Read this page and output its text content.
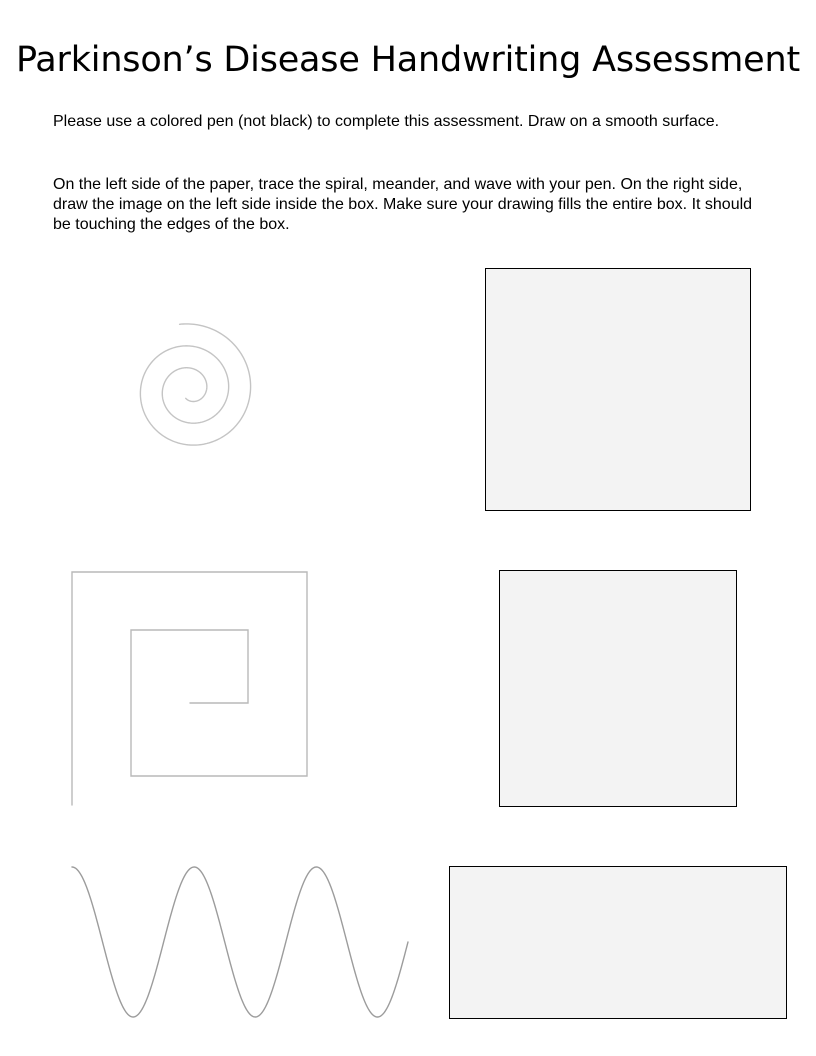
Parkinson’s Disease Handwriting Assessment

Please use a colored pen (not black) to complete this assessment. Draw on a smooth surface.

On the left side of the paper, trace the spiral, meander, and wave with your pen. On the right side, draw the image on the left side inside the box. Make sure your drawing fills the entire box. It should be touching the edges of the box.
